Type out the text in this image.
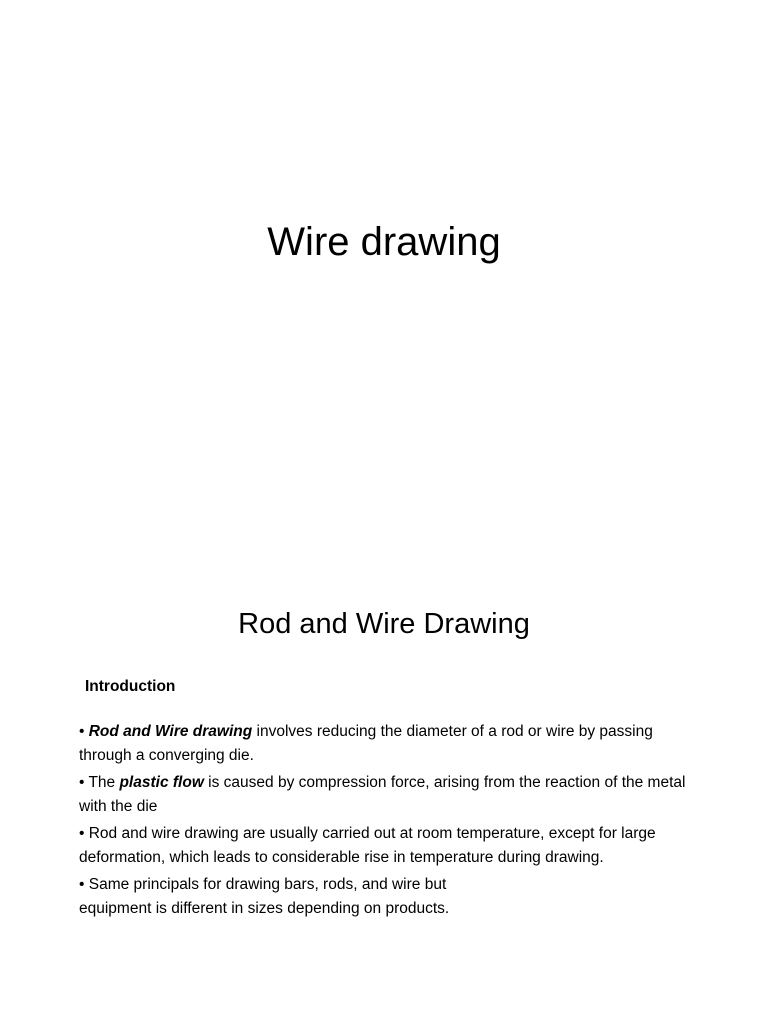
Wire drawing
Rod and Wire Drawing

Introduction

• Rod and Wire drawing involves reducing the diameter of a rod or wire by passing through a converging die.
• The plastic flow is caused by compression force, arising from the reaction of the metal with the die
• Rod and wire drawing are usually carried out at room temperature, except for large deformation, which leads to considerable rise in temperature during drawing.
• Same principals for drawing bars, rods, and wire but equipment is different in sizes depending on products.
